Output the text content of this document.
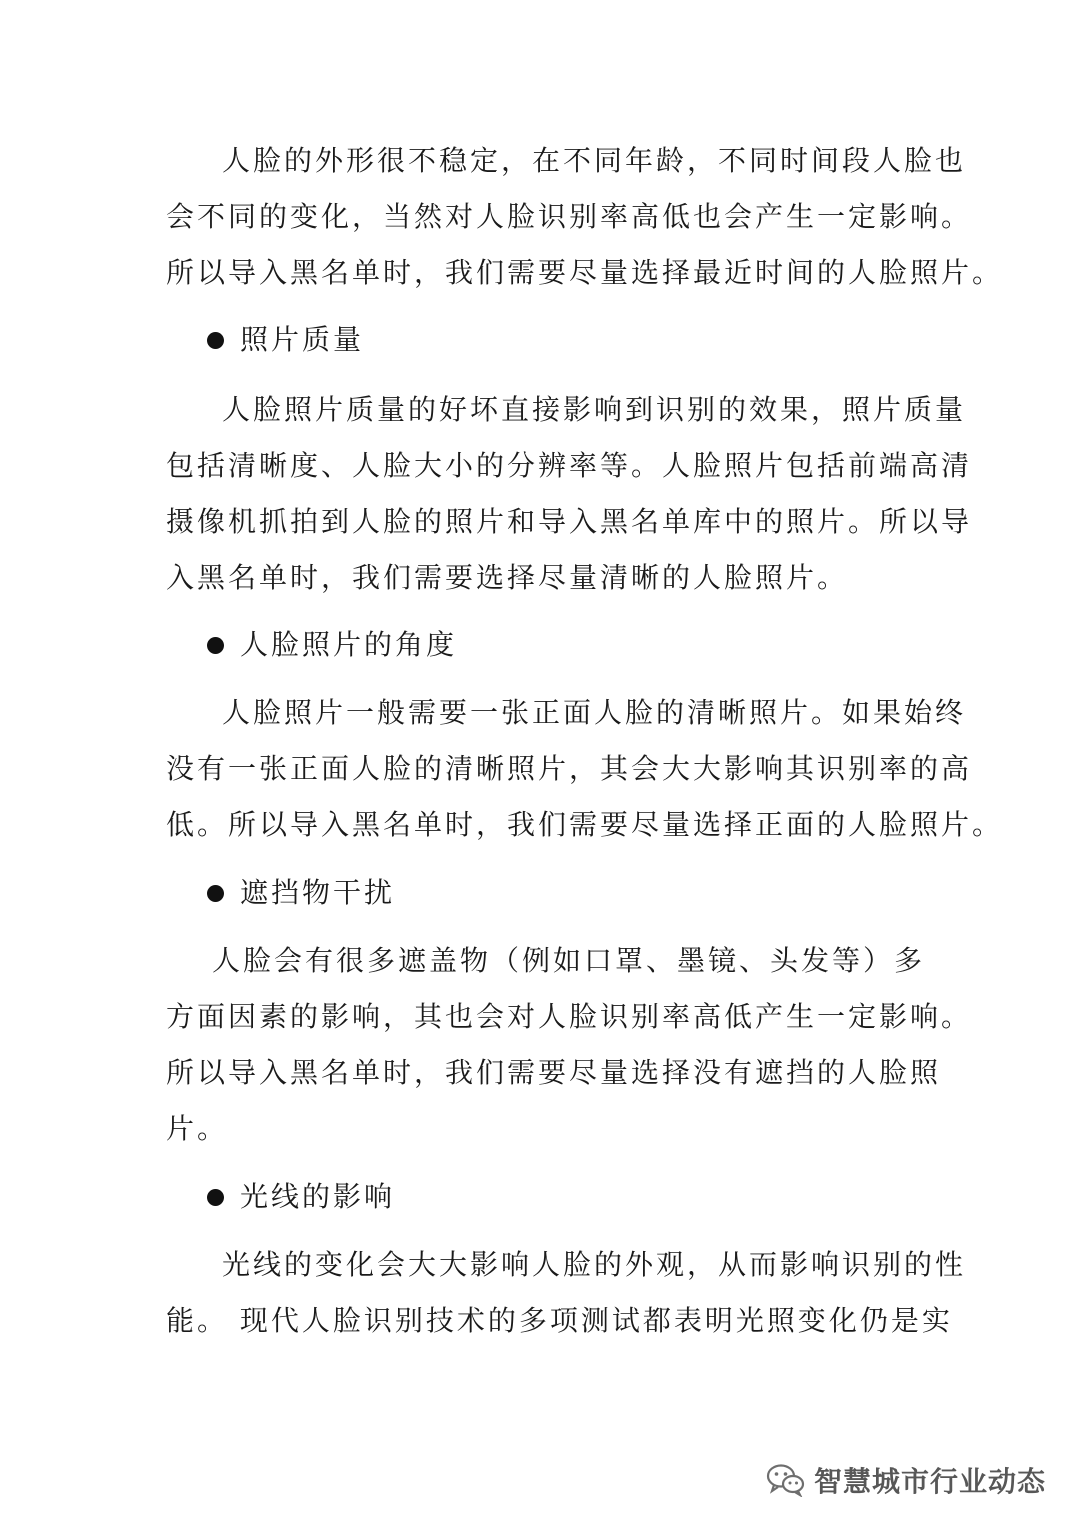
人脸的外形很不稳定，在不同年龄，不同时间段人脸也
会不同的变化，当然对人脸识别率高低也会产生一定影响。
所以导入黑名单时，我们需要尽量选择最近时间的人脸照片。
照片质量
人脸照片质量的好坏直接影响到识别的效果，照片质量
包括清晰度、人脸大小的分辨率等。人脸照片包括前端高清
摄像机抓拍到人脸的照片和导入黑名单库中的照片。所以导
入黑名单时，我们需要选择尽量清晰的人脸照片。
人脸照片的角度
人脸照片一般需要一张正面人脸的清晰照片。如果始终
没有一张正面人脸的清晰照片，其会大大影响其识别率的高
低。所以导入黑名单时，我们需要尽量选择正面的人脸照片。
遮挡物干扰
人脸会有很多遮盖物（例如口罩、墨镜、头发等）多
方面因素的影响，其也会对人脸识别率高低产生一定影响。
所以导入黑名单时，我们需要尽量选择没有遮挡的人脸照
片。
光线的影响
光线的变化会大大影响人脸的外观，从而影响识别的性
能。 现代人脸识别技术的多项测试都表明光照变化仍是实
智慧城市行业动态
